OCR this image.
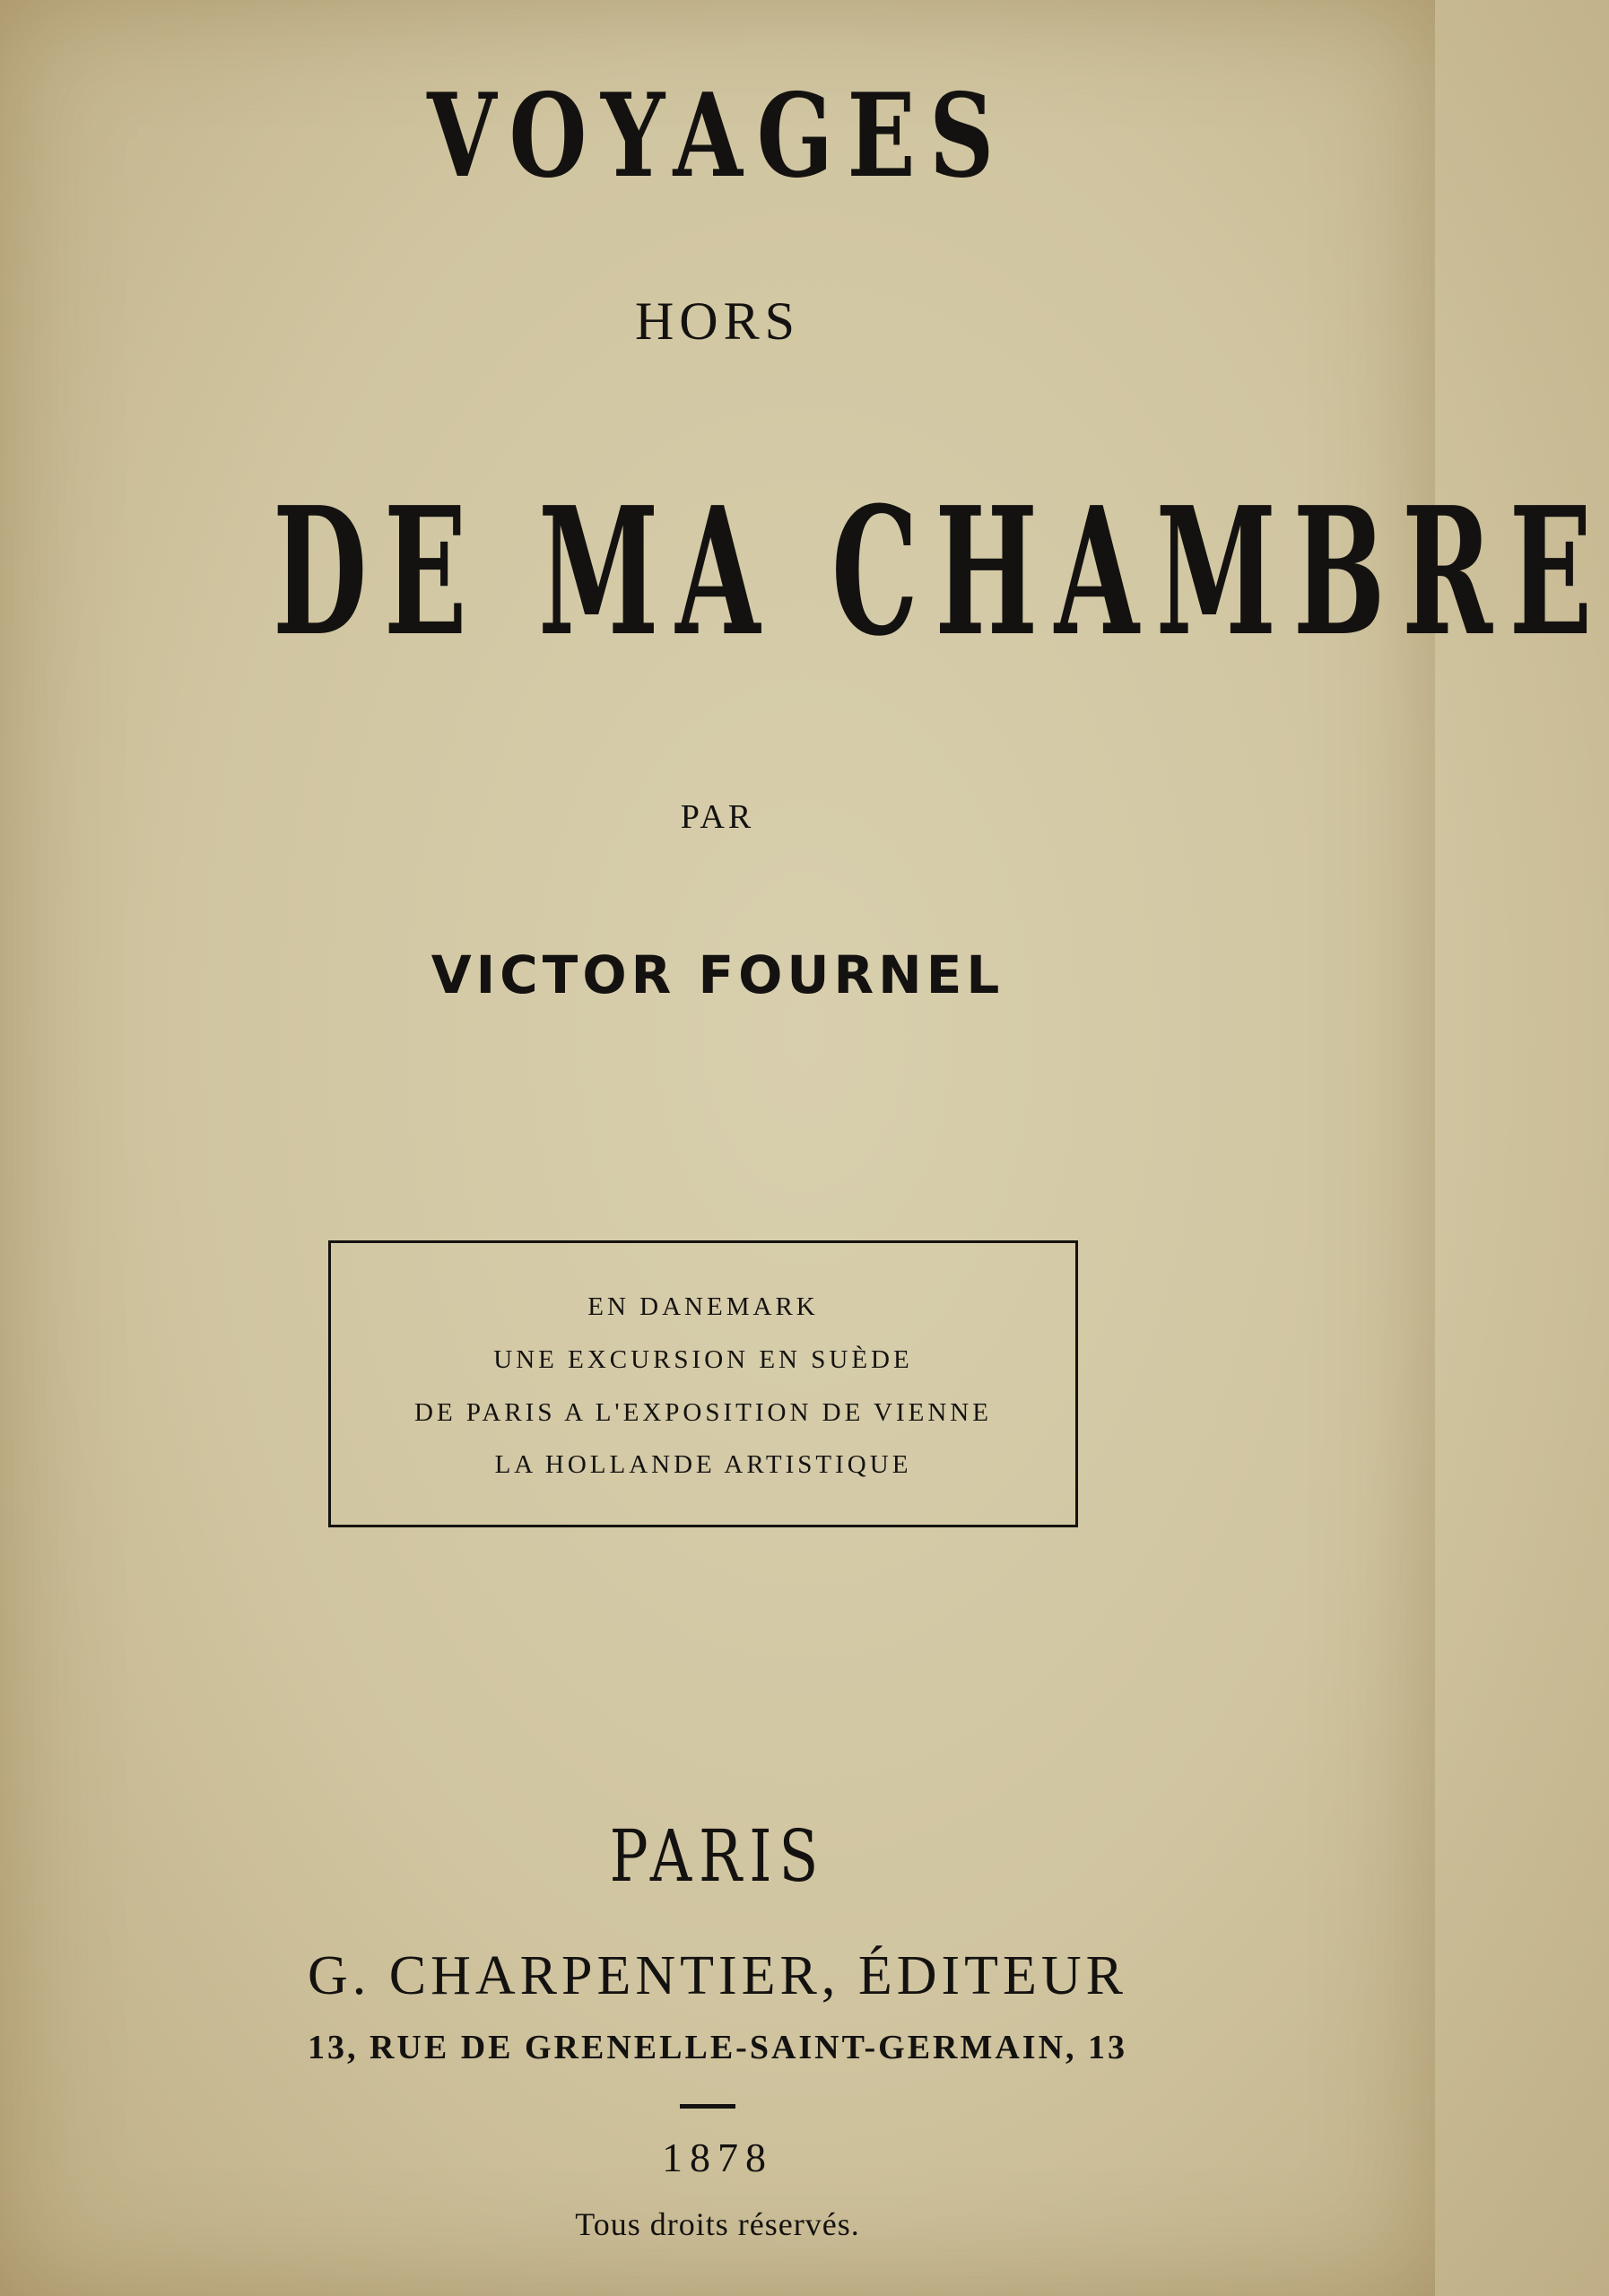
VOYAGES
HORS
DE MA CHAMBRE
PAR
VICTOR FOURNEL
EN DANEMARK
UNE EXCURSION EN SUÈDE
DE PARIS A L'EXPOSITION DE VIENNE
LA HOLLANDE ARTISTIQUE
PARIS
G. CHARPENTIER, ÉDITEUR
13, RUE DE GRENELLE-SAINT-GERMAIN, 13
1878
Tous droits réservés.
